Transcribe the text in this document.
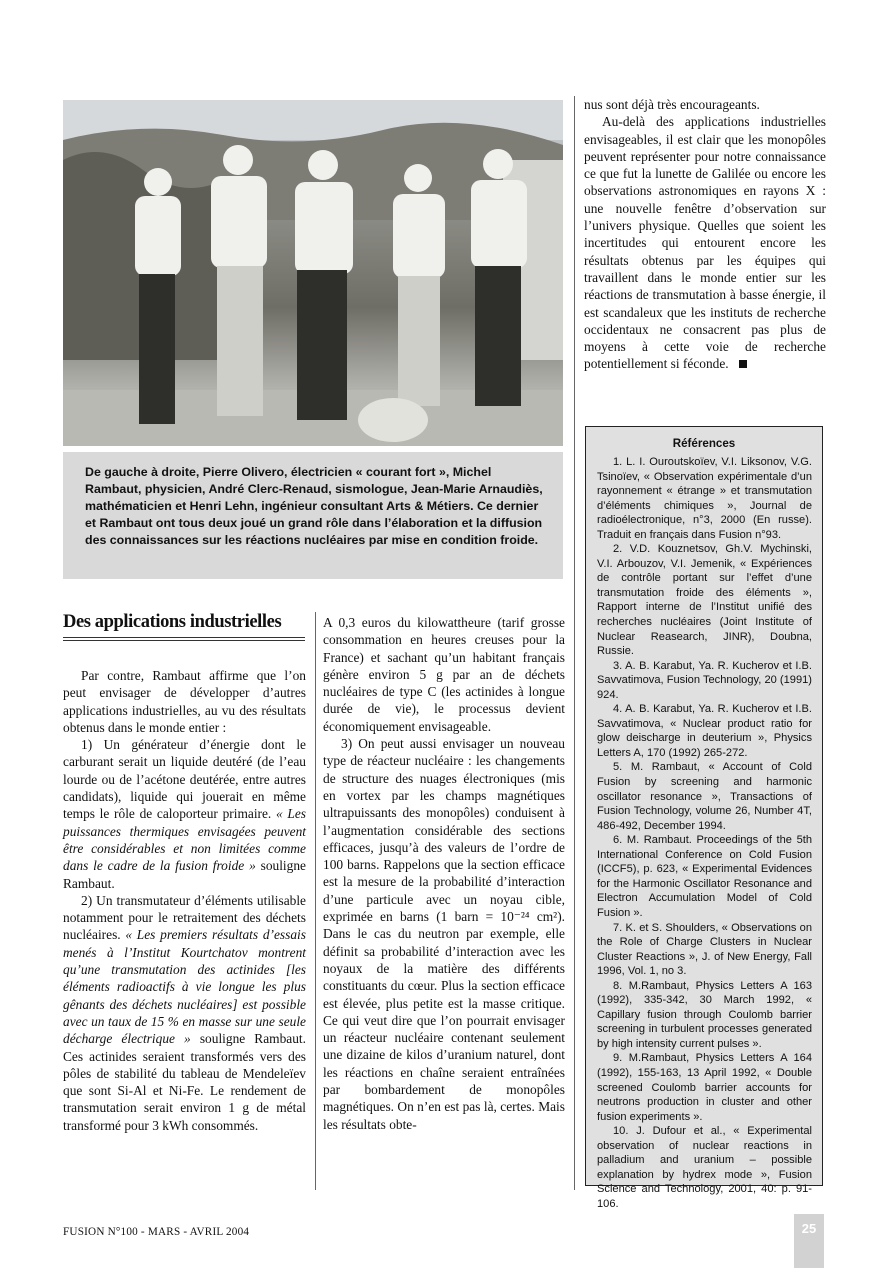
De gauche à droite, Pierre Olivero, électricien « courant fort », Michel Rambaut, physicien, André Clerc-Renaud, sismologue, Jean-Marie Arnaudiès, mathématicien et Henri Lehn, ingénieur consultant Arts & Métiers. Ce dernier et Rambaut ont tous deux joué un grand rôle dans l’élaboration et la diffusion des connaissances sur les réactions nucléaires par mise en condition froide.
Des applications industrielles

Par contre, Rambaut affirme que l’on peut envisager de développer d’autres applications industrielles, au vu des résultats obtenus dans le monde entier :

1) Un générateur d’énergie dont le carburant serait un liquide deutéré (de l’eau lourde ou de l’acétone deutérée, entre autres candidats), liquide qui jouerait en même temps le rôle de caloporteur primaire. « Les puissances thermiques envisagées peuvent être considérables et non limitées comme dans le cadre de la fusion froide » souligne Rambaut.

2) Un transmutateur d’éléments utilisable notamment pour le retraitement des déchets nucléaires. « Les premiers résultats d’essais menés à l’Institut Kourtchatov montrent qu’une transmutation des actinides [les éléments radioactifs à vie longue les plus gênants des déchets nucléaires] est possible avec un taux de 15 % en masse sur une seule décharge électrique » souligne Rambaut. Ces actinides seraient transformés vers des pôles de stabilité du tableau de Mendeleïev que sont Si-Al et Ni-Fe. Le rendement de transmutation serait environ 1 g de métal transformé pour 3 kWh consommés.

A 0,3 euros du kilowattheure (tarif grosse consommation en heures creuses pour la France) et sachant qu’un habitant français génère environ 5 g par an de déchets nucléaires de type C (les actinides à longue durée de vie), le processus devient économiquement envisageable.

3) On peut aussi envisager un nouveau type de réacteur nucléaire : les changements de structure des nuages électroniques (mis en vortex par les champs magnétiques ultrapuissants des monopôles) conduisent à l’augmentation considérable des sections efficaces, jusqu’à des valeurs de l’ordre de 100 barns. Rappelons que la section efficace est la mesure de la probabilité d’interaction d’une particule avec un noyau cible, exprimée en barns (1 barn = 10⁻²⁴ cm²). Dans le cas du neutron par exemple, elle définit sa probabilité d’interaction avec les noyaux de la matière des différents constituants du cœur. Plus la section efficace est élevée, plus petite est la masse critique. Ce qui veut dire que l’on pourrait envisager un réacteur nucléaire contenant seulement une dizaine de kilos d’uranium naturel, dont les réactions en chaîne seraient entraînées par bombardement de monopôles magnétiques. On n’en est pas là, certes. Mais les résultats obte-

nus sont déjà très encourageants.

Au-delà des applications industrielles envisageables, il est clair que les monopôles peuvent représenter pour notre connaissance ce que fut la lunette de Galilée ou encore les observations astronomiques en rayons X : une nouvelle fenêtre d’observation sur l’univers physique. Quelles que soient les incertitudes qui entourent encore les résultats obtenus par les équipes qui travaillent dans le monde entier sur les réactions de transmutation à basse énergie, il est scandaleux que les instituts de recherche occidentaux ne consacrent pas plus de moyens à cette voie de recherche potentiellement si féconde.

Références

1. L. I. Ouroutskoïev, V.I. Liksonov, V.G. Tsinoïev, « Observation expérimentale d’un rayonnement « étrange » et transmutation d’éléments chimiques », Journal de radioélectronique, n°3, 2000 (En russe). Traduit en français dans Fusion n°93.

2. V.D. Kouznetsov, Gh.V. Mychinski, V.I. Arbouzov, V.I. Jemenik, « Expériences de contrôle portant sur l’effet d’une transmutation froide des éléments », Rapport interne de l’Institut unifié des recherches nucléaires (Joint Institute of Nuclear Reasearch, JINR), Doubna, Russie.

3. A. B. Karabut, Ya. R. Kucherov et I.B. Savvatimova, Fusion Technology, 20 (1991) 924.

4. A. B. Karabut, Ya. R. Kucherov et I.B. Savvatimova, « Nuclear product ratio for glow deischarge in deuterium », Physics Letters A, 170 (1992) 265-272.

5. M. Rambaut, « Account of Cold Fusion by screening and harmonic oscillator resonance », Transactions of Fusion Technology, volume 26, Number 4T, 486-492, December 1994.

6. M. Rambaut. Proceedings of the 5th International Conference on Cold Fusion (ICCF5), p. 623, « Experimental Evidences for the Harmonic Oscillator Resonance and Electron Accumulation Model of Cold Fusion ».

7. K. et S. Shoulders, « Observations on the Role of Charge Clusters in Nuclear Cluster Reactions », J. of New Energy, Fall 1996, Vol. 1, no 3.

8. M.Rambaut, Physics Letters A 163 (1992), 335-342, 30 March 1992, « Capillary fusion through Coulomb barrier screening in turbulent processes generated by high intensity current pulses ».

9. M.Rambaut, Physics Letters A 164 (1992), 155-163, 13 April 1992, « Double screened Coulomb barrier accounts for neutrons production in cluster and other fusion experiments ».

10. J. Dufour et al., « Experimental observation of nuclear reactions in palladium and uranium – possible explanation by hydrex mode », Fusion Science and Technology, 2001, 40: p. 91-106.

FUSION N°100 - MARS - AVRIL 2004	25
